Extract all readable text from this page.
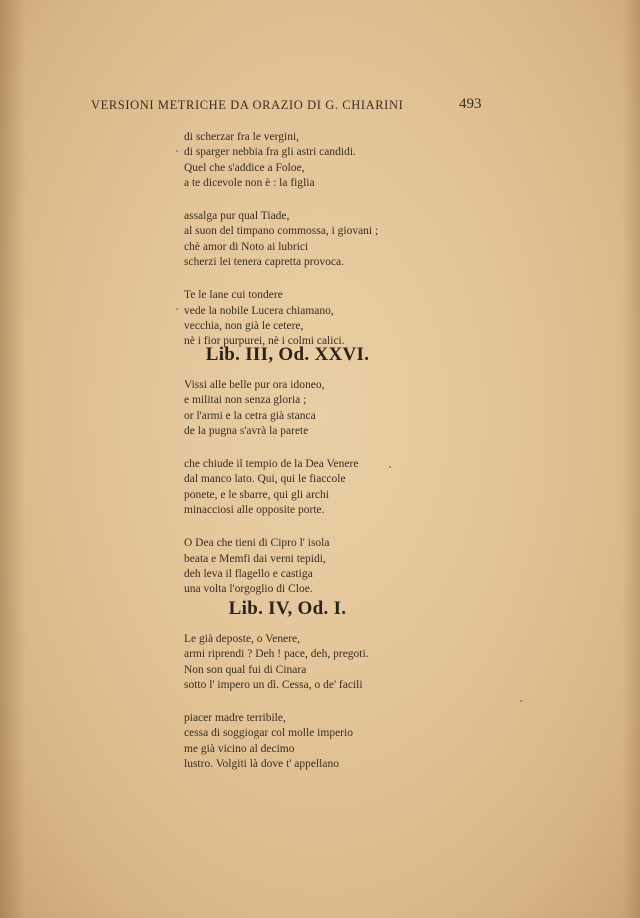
VERSIONI METRICHE DA ORAZIO DI G. CHIARINI	493
di scherzar fra le vergini,
di sparger nebbia fra gli astri candidi.
Quel che s'addice a Foloe,
a te dicevole non è : la figlia
assalga pur qual Tiade,
al suon del timpano commossa, i giovani ;
chè amor di Noto ai lubrici
scherzi lei tenera capretta provoca.
Te le lane cui tondere
vede la nobile Lucera chiamano,
vecchia, non già le cetere,
nè i fior purpurei, nè i colmi calici.
Lib. III, Od. XXVI.
Vissi alle belle pur ora idoneo,
e militai non senza gloria ;
or l'armi e la cetra già stanca
de la pugna s'avrà la parete
che chiude il tempio de la Dea Venere
dal manco lato. Qui, qui le fiaccole
ponete, e le sbarre, qui gli archi
minacciosi alle opposite porte.
O Dea che tieni di Cipro l' isola
beata e Memfi dai verni tepidi,
deh leva il flagello e castiga
una volta l'orgoglio di Cloe.
Lib. IV, Od. I.
Le già deposte, o Venere,
armi riprendi ? Deh ! pace, deh, pregoti.
Non son qual fui di Cinara
sotto l' impero un dì. Cessa, o de' facili
piacer madre terribile,
cessa di soggiogar col molle imperio
me già vicino al decimo
lustro. Volgiti là dove t' appellano
